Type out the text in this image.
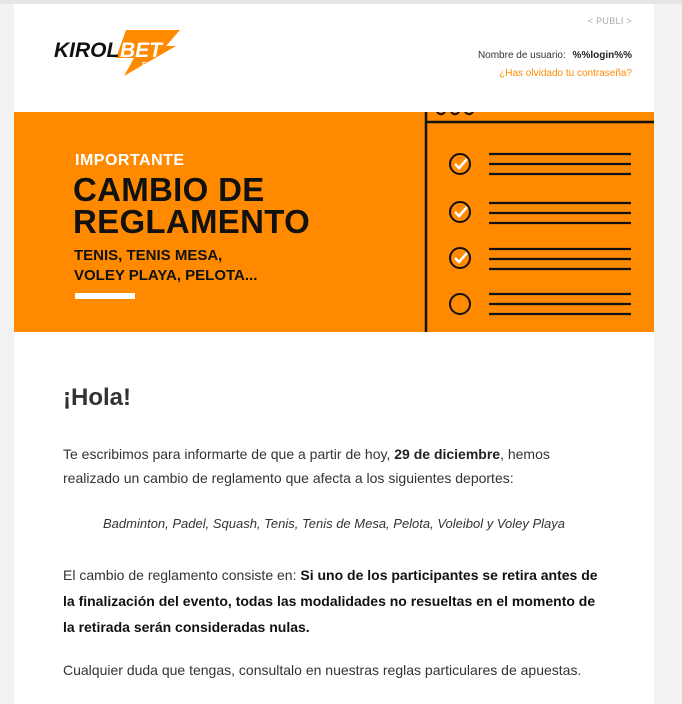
< PUBLI >
KIROL BET
.ES
Nombre de usuario: %%login%%
¿Has olvidado tu contraseña?
IMPORTANTE
CAMBIO DE
REGLAMENTO
TENIS, TENIS MESA,
VOLEY PLAYA, PELOTA...
¡Hola!
Te escribimos para informarte de que a partir de hoy, 29 de diciembre, hemos realizado un cambio de reglamento que afecta a los siguientes deportes:
Badminton, Padel, Squash, Tenis, Tenis de Mesa, Pelota, Voleibol y Voley Playa
El cambio de reglamento consiste en: Si uno de los participantes se retira antes de la finalización del evento, todas las modalidades no resueltas en el momento de la retirada serán consideradas nulas.
Cualquier duda que tengas, consultalo en nuestras reglas particulares de apuestas.
